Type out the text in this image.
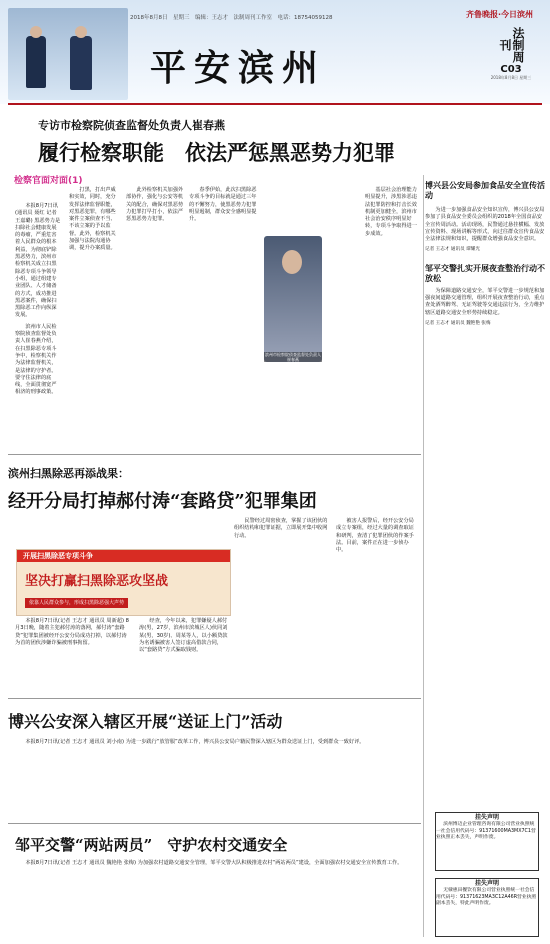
2018年8月8日　星期三　编辑：王志才　法制周刊工作室　电话：18754059128
平安滨州
齐鲁晚报·今日滨州
法制周刊
C03
2018年8月8日 星期三
专访市检察院侦查监督处负责人崔春燕
履行检察职能　依法严惩黑恶势力犯罪
检察官面对面(1)

本报8月7日讯(通讯员 聂红 记者 王嘉璐) 黑恶势力是扫除社会健康发展的毒瘤，严重危害着人民群众的根本利益，为彻底铲除黑恶势力，滨州市检察机关成立扫黑除恶专项斗争领导小组，通过组建专业团队、人才储备的方式，成功推进黑恶案件，确保扫黑除恶工作向纵深发展。

滨州市人民检察院侦查监督处负责人崔春燕介绍，在扫黑除恶专项斗争中，检察机关作为法律监督机关，是法律的守护者。要守住法律的底线，全面贯彻宽严相济的刑事政策。

打黑，打出声威和实效，同时，充分发挥法律监督职能，对黑恶犯罪，有哪些案件立案侦查不当、不该立案的予以监督。此外，检察机关加强与法院沟通协调，提升办案质量。

此外检察机关加强外部协作，强化与公安等机关的配合，确保对黑恶势力犯罪打早打小，依法严惩黑恶势力犯罪。

春季伊始，此次扫黑除恶专项斗争的目标就是通过三年的不懈努力，使黑恶势力犯罪明显遏制，群众安全感明显提升。

基层社会治理能力明显提升，涉黑涉恶违法犯罪防控和打击长效机制更加健全，滨州市社会治安秩序明显好转，专项斗争取得进一步成效。

滨州市检察院侦查监督处负责人崔春燕
博兴县公安局参加食品安全宣传活动

为进一步加强食品安全知识宣传，博兴县公安局参加了县食品安全委员会组织的2018年全国食品安全宣传周活动。活动现场，民警通过悬挂横幅、发放宣传资料、现场讲解等形式，向过往群众宣传食品安全法律法规和知识，提醒群众增强食品安全意识。

记者 王志才 通讯员 谭耀光
邹平交警扎实开展夜查整治行动不放松

为保障道路交通安全，邹平交警进一步规范和加强夜间道路交通管理，组织开展夜查整治行动，重点查处酒驾醉驾、无证驾驶等交通违法行为，全力维护辖区道路交通安全形势持续稳定。

记者 王志才 通讯员 魏艳艳 张梅
挂失声明

滨州博迈企业管理咨询有限公司营业执照统一社会信用代码号：91371600MA3MX7C1营业执照正本丢失，声明作废。

挂失声明

无棣惠田餐饮有限公司营业执照统一社会信用代码号：91371623MA3C12A46R营业执照副本丢失，特此声明作废。

滨州扫黑除恶再添战果：
经开分局打掉郝付涛“套路贷”犯罪集团
开展扫黑除恶专项斗争
坚决打赢扫黑除恶攻坚战
依靠人民群众参与，形成扫黑除恶强大声势

本报8月7日讯(记者 王志才 通讯员 周新超) 8月3日晚，随着主犯郝付涛的落网，郝付涛“套路贷”犯罪集团被经开公安分局成功打掉，以郝付涛为首的团伙涉嫌诈骗被刑事拘留。

经查，今年以来，犯罪嫌疑人郝付涛(男，27岁，滨州市滨城区人)伙同刘某(男，30岁)、周某等人，以小额贷款为名诱骗被害人签订虚高借款合同，以“套路贷”方式骗取钱财。

民警经过周密侦查，掌握了该团伙的组织结构和犯罪证据，立即展开集中收网行动。

被害人报警后，经开公安分局成立专案组，经过大量的调查取证和研判，查清了犯罪团伙的作案手法。目前，案件正在进一步侦办中。

博兴公安深入辖区开展“送证上门”活动

本报8月7日讯(记者 王志才 通讯员 刘小南) 为进一步践行“放管服”改革工作，博兴县公安局户籍民警深入辖区为群众送证上门，受到群众一致好评。

邹平交警“两站两员”　守护农村交通安全

本报8月7日讯(记者 王志才 通讯员 魏艳艳 张梅) 为加强农村道路交通安全管理，邹平交警大队积极推进农村“两站两员”建设，全面加强农村交通安全宣传教育工作。
